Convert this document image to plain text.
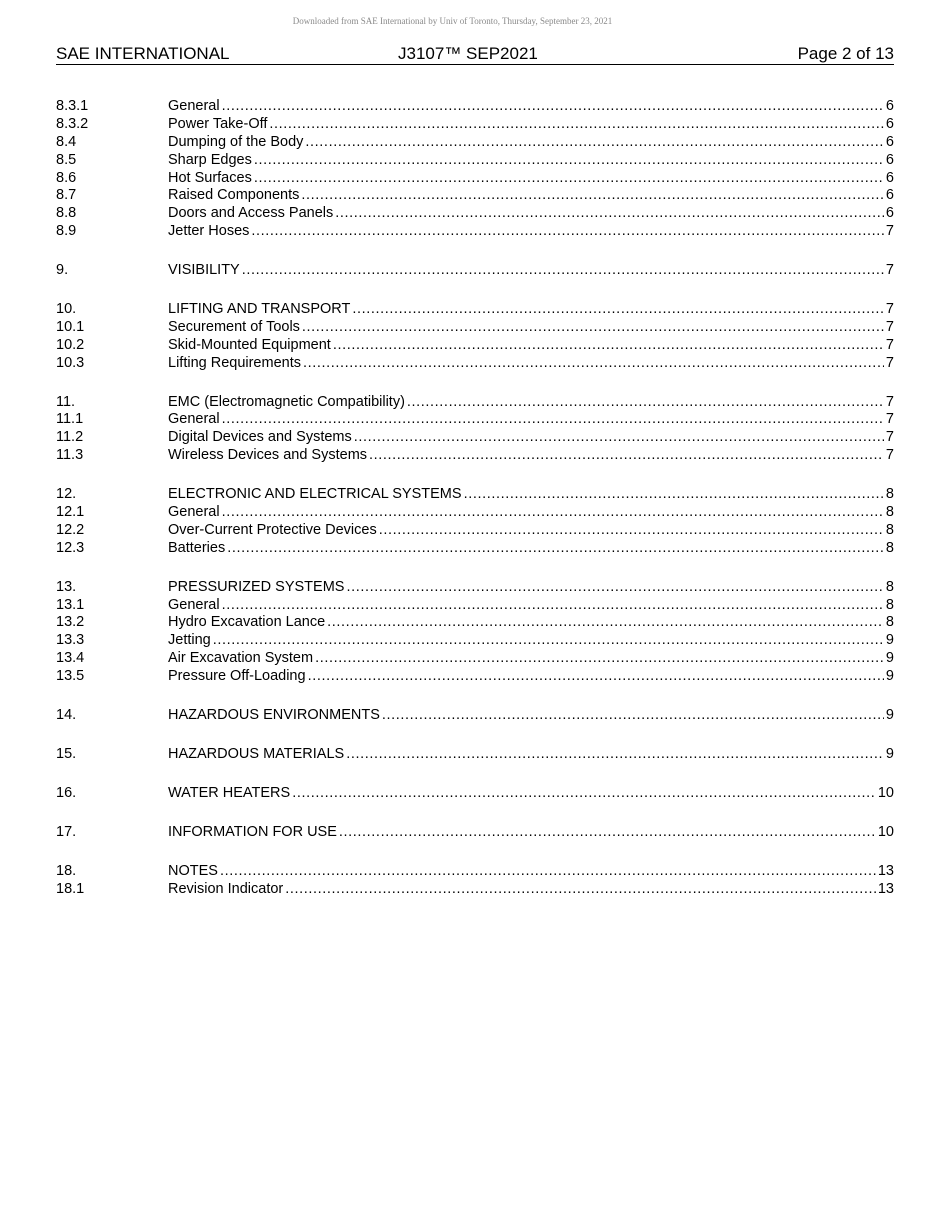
Downloaded from SAE International by Univ of Toronto, Thursday, September 23, 2021
SAE INTERNATIONAL	J3107™ SEP2021	Page 2 of 13
8.3.1	General .....	6
8.3.2	Power Take-Off .....	6
8.4	Dumping of the Body .....	6
8.5	Sharp Edges .....	6
8.6	Hot Surfaces .....	6
8.7	Raised Components .....	6
8.8	Doors and Access Panels .....	6
8.9	Jetter Hoses .....	7
9.	VISIBILITY .....	7
10.	LIFTING AND TRANSPORT .....	7
10.1	Securement of Tools .....	7
10.2	Skid-Mounted Equipment .....	7
10.3	Lifting Requirements .....	7
11.	EMC (Electromagnetic Compatibility) .....	7
11.1	General .....	7
11.2	Digital Devices and Systems .....	7
11.3	Wireless Devices and Systems .....	7
12.	ELECTRONIC AND ELECTRICAL SYSTEMS .....	8
12.1	General .....	8
12.2	Over-Current Protective Devices .....	8
12.3	Batteries .....	8
13.	PRESSURIZED SYSTEMS .....	8
13.1	General .....	8
13.2	Hydro Excavation Lance .....	8
13.3	Jetting .....	9
13.4	Air Excavation System .....	9
13.5	Pressure Off-Loading .....	9
14.	HAZARDOUS ENVIRONMENTS .....	9
15.	HAZARDOUS MATERIALS .....	9
16.	WATER HEATERS .....	10
17.	INFORMATION FOR USE .....	10
18.	NOTES .....	13
18.1	Revision Indicator .....	13
